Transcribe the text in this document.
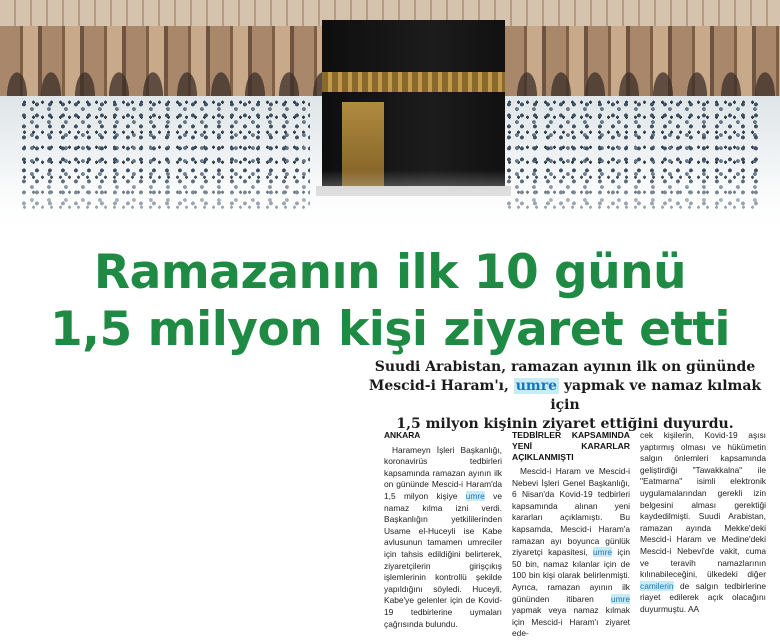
Ramazanın ilk 10 günü
1,5 milyon kişi ziyaret etti

Suudi Arabistan, ramazan ayının ilk on gününde
Mescid-i Haram'ı, umre yapmak ve namaz kılmak için
1,5 milyon kişinin ziyaret ettiğini duyurdu.

ANKARA

Harameyn İşleri Başkanlığı, koronavirüs tedbirleri kapsamında ramazan ayının ilk on gününde Mescid-i Haram'da 1,5 milyon kişiye umre ve namaz kılma izni verdi. Başkanlığın yetkililerinden Usame el-Huceyli ise Kabe avlusunun tamamen umreciler için tahsis edildiğini belirterek, ziyaretçilerin girişçıkış işlemlerinin kontrollü şekilde yapıldığını söyledi. Huceyli, Kabe'ye gelenler için de Kovid-19 tedbirlerine uymaları çağrısında bulundu.

TEDBİRLER KAPSAMINDA YENİ KARARLAR AÇIKLANMIŞTI

Mescid-i Haram ve Mescid-i Nebevi İşleri Genel Başkanlığı, 6 Nisan'da Kovid-19 tedbirleri kapsamında alınan yeni kararları açıklamıştı. Bu kapsamda, Mescid-i Haram'a ramazan ayı boyunca günlük ziyaretçi kapasitesi, umre için 50 bin, namaz kılanlar için de 100 bin kişi olarak belirlenmişti. Ayrıca, ramazan ayının ilk gününden itibaren umre yapmak veya namaz kılmak için Mescid-i Haram'ı ziyaret ede-

cek kişilerin, Kovid-19 aşısı yaptırmış olması ve hükümetin salgın önlemleri kapsamında geliştirdiği "Tawakkalna" ile "Eatmarna" isimli elektronik uygulamalarından gerekli izin belgesini alması gerektiği kaydedilmişti. Suudi Arabistan, ramazan ayında Mekke'deki Mescid-i Haram ve Medine'deki Mescid-i Nebevi'de vakit, cuma ve teravih namazlarının kılınabileceğini, ülkedeki diğer camilerin de salgın tedbirlerine riayet edilerek açık olacağını duyurmuştu. AA
